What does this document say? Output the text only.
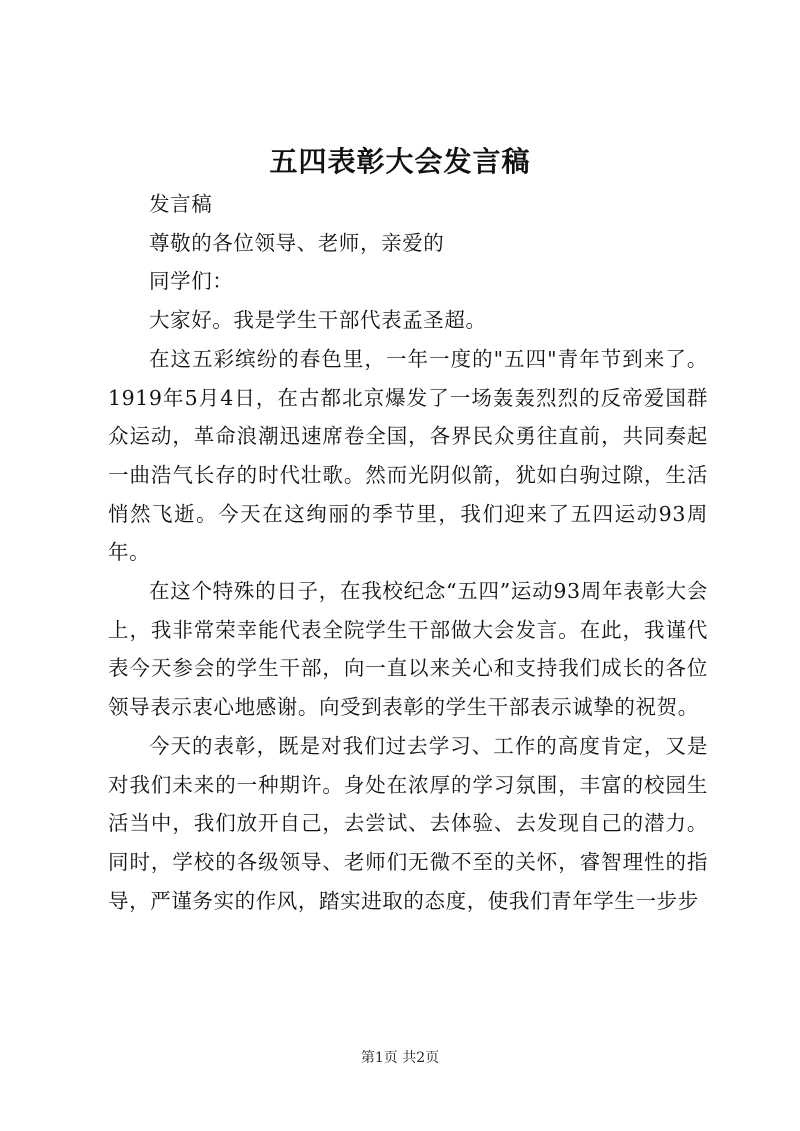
五四表彰大会发言稿

发言稿

尊敬的各位领导、老师，亲爱的

同学们：

大家好。我是学生干部代表孟圣超。

在这五彩缤纷的春色里，一年一度的"五四"青年节到来了。1919年5月4日，在古都北京爆发了一场轰轰烈烈的反帝爱国群众运动，革命浪潮迅速席卷全国，各界民众勇往直前，共同奏起一曲浩气长存的时代壮歌。然而光阴似箭，犹如白驹过隙，生活悄然飞逝。今天在这绚丽的季节里，我们迎来了五四运动93周年。

在这个特殊的日子，在我校纪念“五四”运动93周年表彰大会上，我非常荣幸能代表全院学生干部做大会发言。在此，我谨代表今天参会的学生干部，向一直以来关心和支持我们成长的各位领导表示衷心地感谢。向受到表彰的学生干部表示诚挚的祝贺。

今天的表彰，既是对我们过去学习、工作的高度肯定，又是对我们未来的一种期许。身处在浓厚的学习氛围，丰富的校园生活当中，我们放开自己，去尝试、去体验、去发现自己的潜力。同时，学校的各级领导、老师们无微不至的关怀，睿智理性的指导，严谨务实的作风，踏实进取的态度，使我们青年学生一步步

第1页 共2页
